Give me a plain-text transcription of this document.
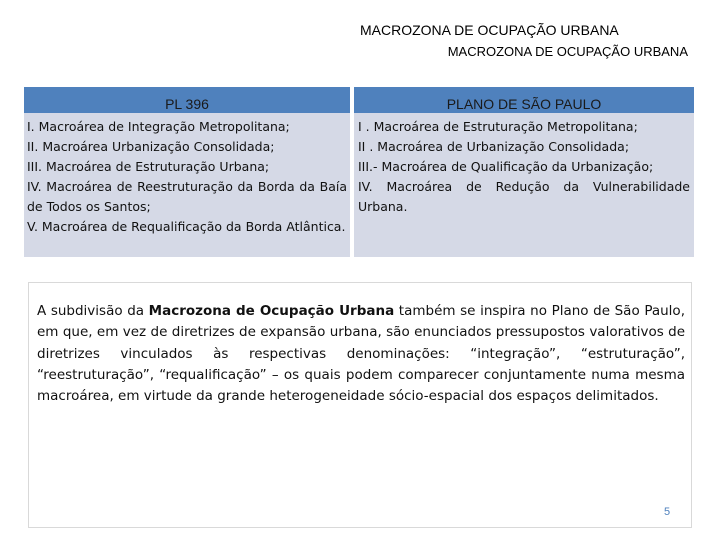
MACROZONA DE OCUPAÇÃO URBANA
MACROZONA DE OCUPAÇÃO URBANA
PL 396	PLANO DE SÃO PAULO
I. Macroárea de Integração Metropolitana;
II. Macroárea Urbanização Consolidada;
III. Macroárea de Estruturação Urbana;
IV. Macroárea de Reestruturação da Borda da Baía de Todos os Santos;
V. Macroárea de Requalificação da Borda Atlântica.
I . Macroárea de Estruturação Metropolitana;
II . Macroárea de Urbanização Consolidada;
III.- Macroárea de Qualificação da Urbanização;
IV. Macroárea de Redução da Vulnerabilidade Urbana.
A subdivisão da Macrozona de Ocupação Urbana também se inspira no Plano de São Paulo, em que, em vez de diretrizes de expansão urbana, são enunciados pressupostos valorativos de diretrizes vinculados às respectivas denominações: “integração”, “estruturação”, “reestruturação”, “requalificação” – os quais podem comparecer conjuntamente numa mesma macroárea, em virtude da grande heterogeneidade sócio-espacial dos espaços delimitados.
5
